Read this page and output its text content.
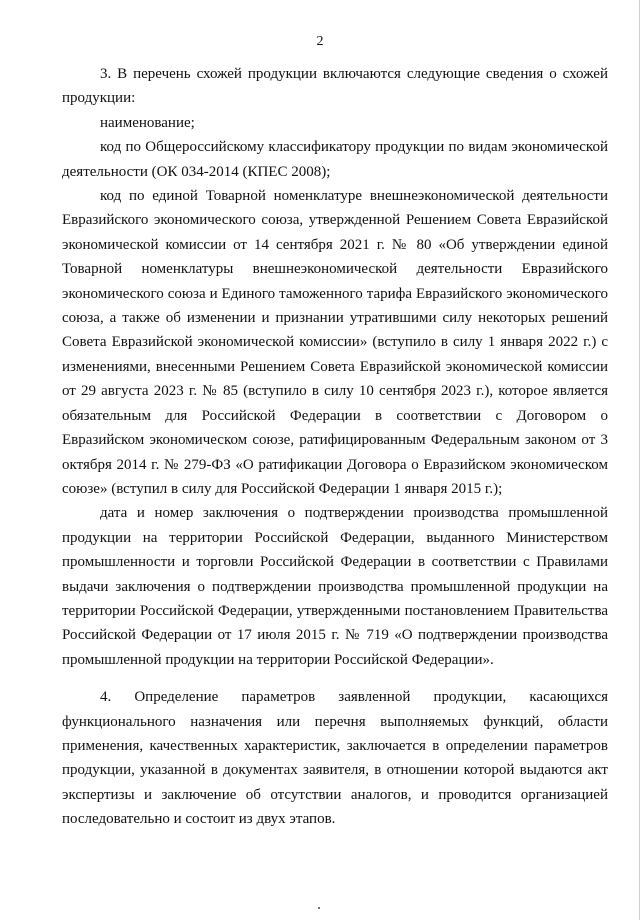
2

3. В перечень схожей продукции включаются следующие сведения о схожей продукции:

наименование;

код по Общероссийскому классификатору продукции по видам экономической деятельности (ОК 034-2014 (КПЕС 2008);

код по единой Товарной номенклатуре внешнеэкономической деятельности Евразийского экономического союза, утвержденной Решением Совета Евразийской экономической комиссии от 14 сентября 2021 г. № 80 «Об утверждении единой Товарной номенклатуры внешнеэкономической деятельности Евразийского экономического союза и Единого таможенного тарифа Евразийского экономического союза, а также об изменении и признании утратившими силу некоторых решений Совета Евразийской экономической комиссии» (вступило в силу 1 января 2022 г.) с изменениями, внесенными Решением Совета Евразийской экономической комиссии от 29 августа 2023 г. № 85 (вступило в силу 10 сентября 2023 г.), которое является обязательным для Российской Федерации в соответствии с Договором о Евразийском экономическом союзе, ратифицированным Федеральным законом от 3 октября 2014 г. № 279-ФЗ «О ратификации Договора о Евразийском экономическом союзе» (вступил в силу для Российской Федерации 1 января 2015 г.);

дата и номер заключения о подтверждении производства промышленной продукции на территории Российской Федерации, выданного Министерством промышленности и торговли Российской Федерации в соответствии с Правилами выдачи заключения о подтверждении производства промышленной продукции на территории Российской Федерации, утвержденными постановлением Правительства Российской Федерации от 17 июля 2015 г. № 719 «О подтверждении производства промышленной продукции на территории Российской Федерации».

4. Определение параметров заявленной продукции, касающихся функционального назначения или перечня выполняемых функций, области применения, качественных характеристик, заключается в определении параметров продукции, указанной в документах заявителя, в отношении которой выдаются акт экспертизы и заключение об отсутствии аналогов, и проводится организацией последовательно и состоит из двух этапов.
